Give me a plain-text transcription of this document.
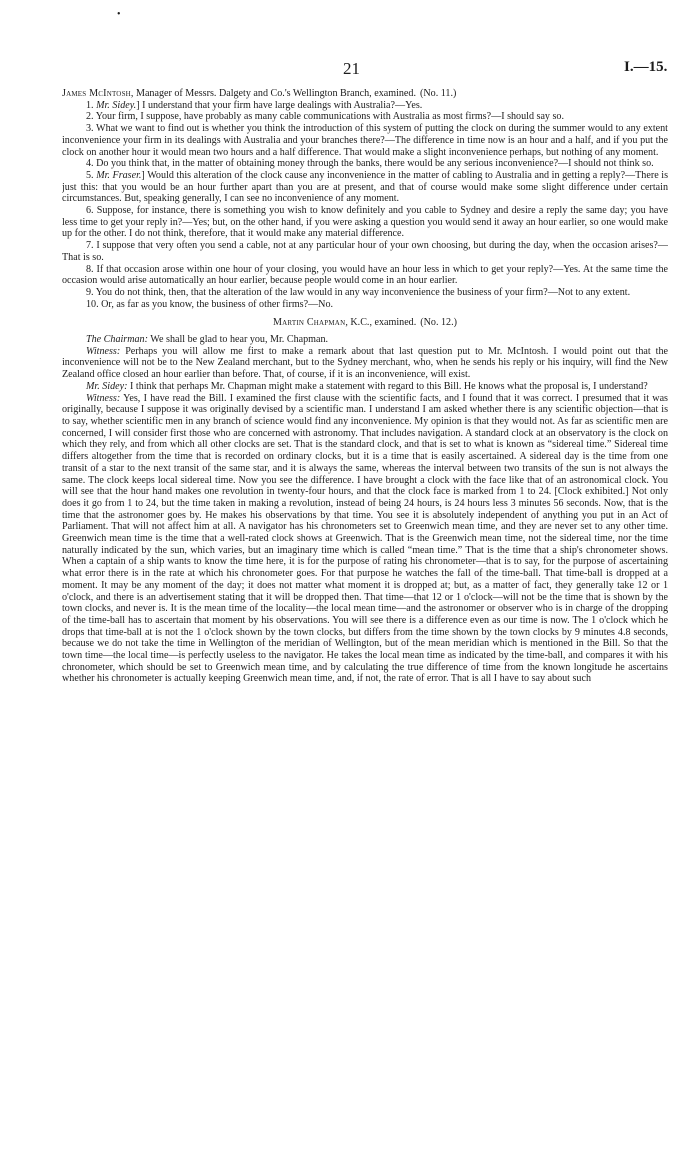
•
21	I.—15.

James McIntosh, Manager of Messrs. Dalgety and Co.'s Wellington Branch, examined. (No. 11.)

1. Mr. Sidey.] I understand that your firm have large dealings with Australia?—Yes.

2. Your firm, I suppose, have probably as many cable communications with Australia as most firms?—I should say so.

3. What we want to find out is whether you think the introduction of this system of putting the clock on during the summer would to any extent inconvenience your firm in its dealings with Australia and your branches there?—The difference in time now is an hour and a half, and if you put the clock on another hour it would mean two hours and a half difference. That would make a slight inconvenience perhaps, but nothing of any moment.

4. Do you think that, in the matter of obtaining money through the banks, there would be any serious inconvenience?—I should not think so.

5. Mr. Fraser.] Would this alteration of the clock cause any inconvenience in the matter of cabling to Australia and in getting a reply?—There is just this: that you would be an hour further apart than you are at present, and that of course would make some slight difference under certain circumstances. But, speaking generally, I can see no inconvenience of any moment.

6. Suppose, for instance, there is something you wish to know definitely and you cable to Sydney and desire a reply the same day; you have less time to get your reply in?—Yes; but, on the other hand, if you were asking a question you would send it away an hour earlier, so one would make up for the other. I do not think, therefore, that it would make any material difference.

7. I suppose that very often you send a cable, not at any particular hour of your own choosing, but during the day, when the occasion arises?—That is so.

8. If that occasion arose within one hour of your closing, you would have an hour less in which to get your reply?—Yes. At the same time the occasion would arise automatically an hour earlier, because people would come in an hour earlier.

9. You do not think, then, that the alteration of the law would in any way inconvenience the business of your firm?—Not to any extent.

10. Or, as far as you know, the business of other firms?—No.

Martin Chapman, K.C., examined. (No. 12.)

The Chairman: We shall be glad to hear you, Mr. Chapman.

Witness: Perhaps you will allow me first to make a remark about that last question put to Mr. McIntosh. I would point out that the inconvenience will not be to the New Zealand merchant, but to the Sydney merchant, who, when he sends his reply or his inquiry, will find the New Zealand office closed an hour earlier than before. That, of course, if it is an inconvenience, will exist.

Mr. Sidey: I think that perhaps Mr. Chapman might make a statement with regard to this Bill. He knows what the proposal is, I understand?

Witness: Yes, I have read the Bill. I examined the first clause with the scientific facts, and I found that it was correct. I presumed that it was originally, because I suppose it was originally devised by a scientific man. I understand I am asked whether there is any scientific objection—that is to say, whether scientific men in any branch of science would find any inconvenience. My opinion is that they would not. As far as scientific men are concerned, I will consider first those who are concerned with astronomy. That includes navigation. A standard clock at an observatory is the clock on which they rely, and from which all other clocks are set. That is the standard clock, and that is set to what is known as “sidereal time.” Sidereal time differs altogether from the time that is recorded on ordinary clocks, but it is a time that is easily ascertained. A sidereal day is the time from one transit of a star to the next transit of the same star, and it is always the same, whereas the interval between two transits of the sun is not always the same. The clock keeps local sidereal time. Now you see the difference. I have brought a clock with the face like that of an astronomical clock. You will see that the hour hand makes one revolution in twenty-four hours, and that the clock face is marked from 1 to 24. [Clock exhibited.] Not only does it go from 1 to 24, but the time taken in making a revolution, instead of being 24 hours, is 24 hours less 3 minutes 56 seconds. Now, that is the time that the astronomer goes by. He makes his observations by that time. You see it is absolutely independent of anything you put in an Act of Parliament. That will not affect him at all. A navigator has his chronometers set to Greenwich mean time, and they are never set to any other time. Greenwich mean time is the time that a well-rated clock shows at Greenwich. That is the Greenwich mean time, not the sidereal time, nor the time naturally indicated by the sun, which varies, but an imaginary time which is called “mean time.” That is the time that a ship's chronometer shows. When a captain of a ship wants to know the time here, it is for the purpose of rating his chronometer—that is to say, for the purpose of ascertaining what error there is in the rate at which his chronometer goes. For that purpose he watches the fall of the time-ball. That time-ball is dropped at a moment. It may be any moment of the day; it does not matter what moment it is dropped at; but, as a matter of fact, they generally take 12 or 1 o'clock, and there is an advertisement stating that it will be dropped then. That time—that 12 or 1 o'clock—will not be the time that is shown by the town clocks, and never is. It is the mean time of the locality—the local mean time—and the astronomer or observer who is in charge of the dropping of the time-ball has to ascertain that moment by his observations. You will see there is a difference even as our time is now. The 1 o'clock which he drops that time-ball at is not the 1 o'clock shown by the town clocks, but differs from the time shown by the town clocks by 9 minutes 4.8 seconds, because we do not take the time in Wellington of the meridian of Wellington, but of the mean meridian which is mentioned in the Bill. So that the town time—the local time—is perfectly useless to the navigator. He takes the local mean time as indicated by the time-ball, and compares it with his chronometer, which should be set to Greenwich mean time, and by calculating the true difference of time from the known longitude he ascertains whether his chronometer is actually keeping Greenwich mean time, and, if not, the rate of error. That is all I have to say about such
